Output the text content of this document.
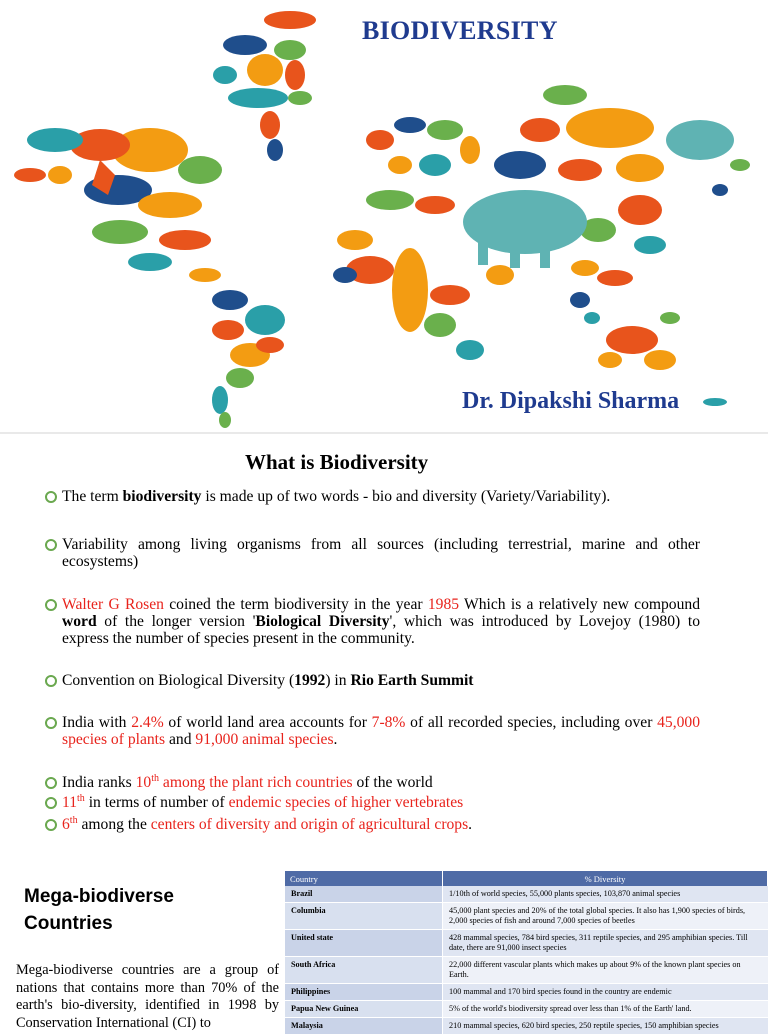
BIODIVERSITY
Dr. Dipakshi Sharma
What is Biodiversity
The term biodiversity is made up of two words - bio and diversity (Variety/Variability).
Variability among living organisms from all sources (including terrestrial, marine and other ecosystems)
Walter G Rosen coined the term biodiversity in the year 1985 Which is a relatively new compound word of the longer version 'Biological Diversity', which was introduced by Lovejoy (1980) to express the number of species present in the community.
Convention on Biological Diversity (1992) in Rio Earth Summit
India with 2.4% of world land area accounts for 7-8% of all recorded species, including over 45,000 species of plants and 91,000 animal species.
India ranks 10th among the plant rich countries of the world
11th in terms of number of endemic species of higher vertebrates
6th among the centers of diversity and origin of agricultural crops.
Mega-biodiverse Countries
Mega-biodiverse countries are a group of nations that contains more than 70% of the earth's bio-diversity, identified in 1998 by Conservation International (CI) to
Country	% Diversity
Brazil	1/10th of world species, 55,000 plants species, 103,870 animal species
Columbia	45,000 plant species and 20% of the total global species. It also has 1,900 species of birds, 2,000 species of fish and around 7,000 species of beetles
United state	428 mammal species, 784 bird species, 311 reptile species, and 295 amphibian species. Till date, there are 91,000 insect species
South Africa	22,000 different vascular plants which makes up about 9% of the known plant species on Earth.
Philippines	100 mammal and 170 bird species found in the country are endemic
Papua New Guinea	5% of the world's biodiversity spread over less than 1% of the Earth' land.
Malaysia	210 mammal species, 620 bird species, 250 reptile species, 150 amphibian species
